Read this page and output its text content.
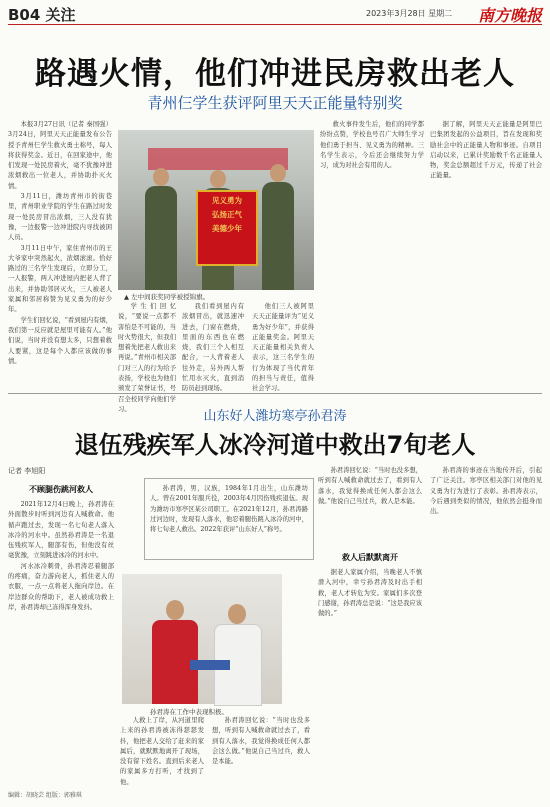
B04 关注	2023年3月28日 星期二 南方晚报
路遇火情，他们冲进民房救出老人
青州仨学生获评阿里天天正能量特别奖

本报3月27日讯（记者 秦国强）3月24日，阿里天天正能量发布公告授予青州仨学生救火勇士称号，每人将获得奖金。近日，在回家途中，他们发现一处民房着火，毫不犹豫冲进浓烟救出一位老人，并协助扑灭火情。

3月11日，潍坊青州市的街巷里，青州职业学院的学生在路过时发现一处民房冒出浓烟，三人没有犹豫，一边报警一边冲进院内寻找被困人员。

3月11日中午，家住青州市的王大爷家中突然起火，浓烟滚滚。恰好路过的三名学生发现后，立即分工，一人报警，两人冲进屋内把老人背了出来，并协助邻居灭火，三人被老人家属和邻居称赞为见义勇为的好少年。

学生们回忆说，“看到屋内有烟，我们第一反应就是屋里可能有人。”他们说，当时并没有想太多，只想着救人要紧，这是每个人都应该做的事情。

见义勇为
弘扬正气
美德少年
▲ 左中间获奖同学被授锦旗。

学生们回忆说，“要说一点都不害怕是不可能的，当时火势很大，但我们想着先把老人救出来再说。”青州市相关部门对三人的行为给予表扬，学校也为他们颁发了荣誉证书，号召全校同学向他们学习。

我们看到屋内有浓烟冒出，就迅速冲进去，门窗在燃烧，里面的东西也在燃烧，我们三个人相互配合，一人背着老人往外走，另外两人帮忙用水灭火，直到消防员赶到现场。

他们三人被阿里天天正能量评为“见义勇为好少年”，并获得正能量奖金。阿里天天正能量相关负责人表示，这三名学生的行为体现了当代青年的担当与责任，值得社会学习。

救火事件发生后，他们的同学都纷纷点赞，学校也号召广大师生学习他们勇于担当、见义勇为的精神。三名学生表示，今后还会继续努力学习，成为对社会有用的人。

据了解，阿里天天正能量是阿里巴巴集团发起的公益项目，旨在发现和奖励社会中的正能量人物和事迹。自项目启动以来，已累计奖励数千名正能量人物，奖金总额超过千万元，传递了社会正能量。

山东好人潍坊寒亭孙君涛
退伍残疾军人冰冷河道中救出7旬老人
记者 李旭阳
不顾腿伤跳河救人

2021年12月4日晚上，孙君涛在外面散步时听到河边有人喊救命。他循声跑过去，发现一名七旬老人落入冰冷的河水中。虽然孙君涛是一名退伍残疾军人，腿部有伤，但他没有丝毫犹豫，立刻跳进冰冷的河水中。

河水冰冷刺骨，孙君涛忍着腿部的疼痛，奋力游向老人，抓住老人的衣服，一点一点将老人拖向岸边。在岸边群众的帮助下，老人被成功救上岸，孙君涛却已冻得浑身发抖。

孙君涛，男，汉族，1984年1月出生，山东潍坊人。曾在2001年服兵役，2003年4月因伤残疾退伍。现为潍坊市寒亭区某公司职工。在2021年12月，孙君涛路过河边时，发现有人落水，他忍着腿伤跳入冰冷的河中，将七旬老人救出。2022年获评“山东好人”称号。

孙君涛在工作中表现积极。

人救上了岸，从河道里爬上来的孙君涛被冻得瑟瑟发抖，他把老人交给了赶来的家属后，就默默地离开了现场，没有留下姓名。直到后来老人的家属多方打听，才找到了他。

孙君涛回忆说：“当时也没多想，听到有人喊救命就过去了，看到有人落水，我觉得换成任何人都会这么做。”他说自己当过兵，救人是本能。

孙君涛回忆说：“当时也没多想，听到有人喊救命就过去了，看到有人落水，我觉得换成任何人都会这么做。”他说自己当过兵，救人是本能。

救人后默默离开

据老人家属介绍，当晚老人不慎滑入河中，幸亏孙君涛及时出手相救，老人才转危为安。家属们多次登门感谢，孙君涛总是说：“这是我应该做的。”

孙君涛的事迹在当地传开后，引起了广泛关注。寒亭区相关部门对他的见义勇为行为进行了表彰。孙君涛表示，今后遇到类似的情况，他依然会挺身而出。

编辑：胡晓芸 组版：郭雅琪
